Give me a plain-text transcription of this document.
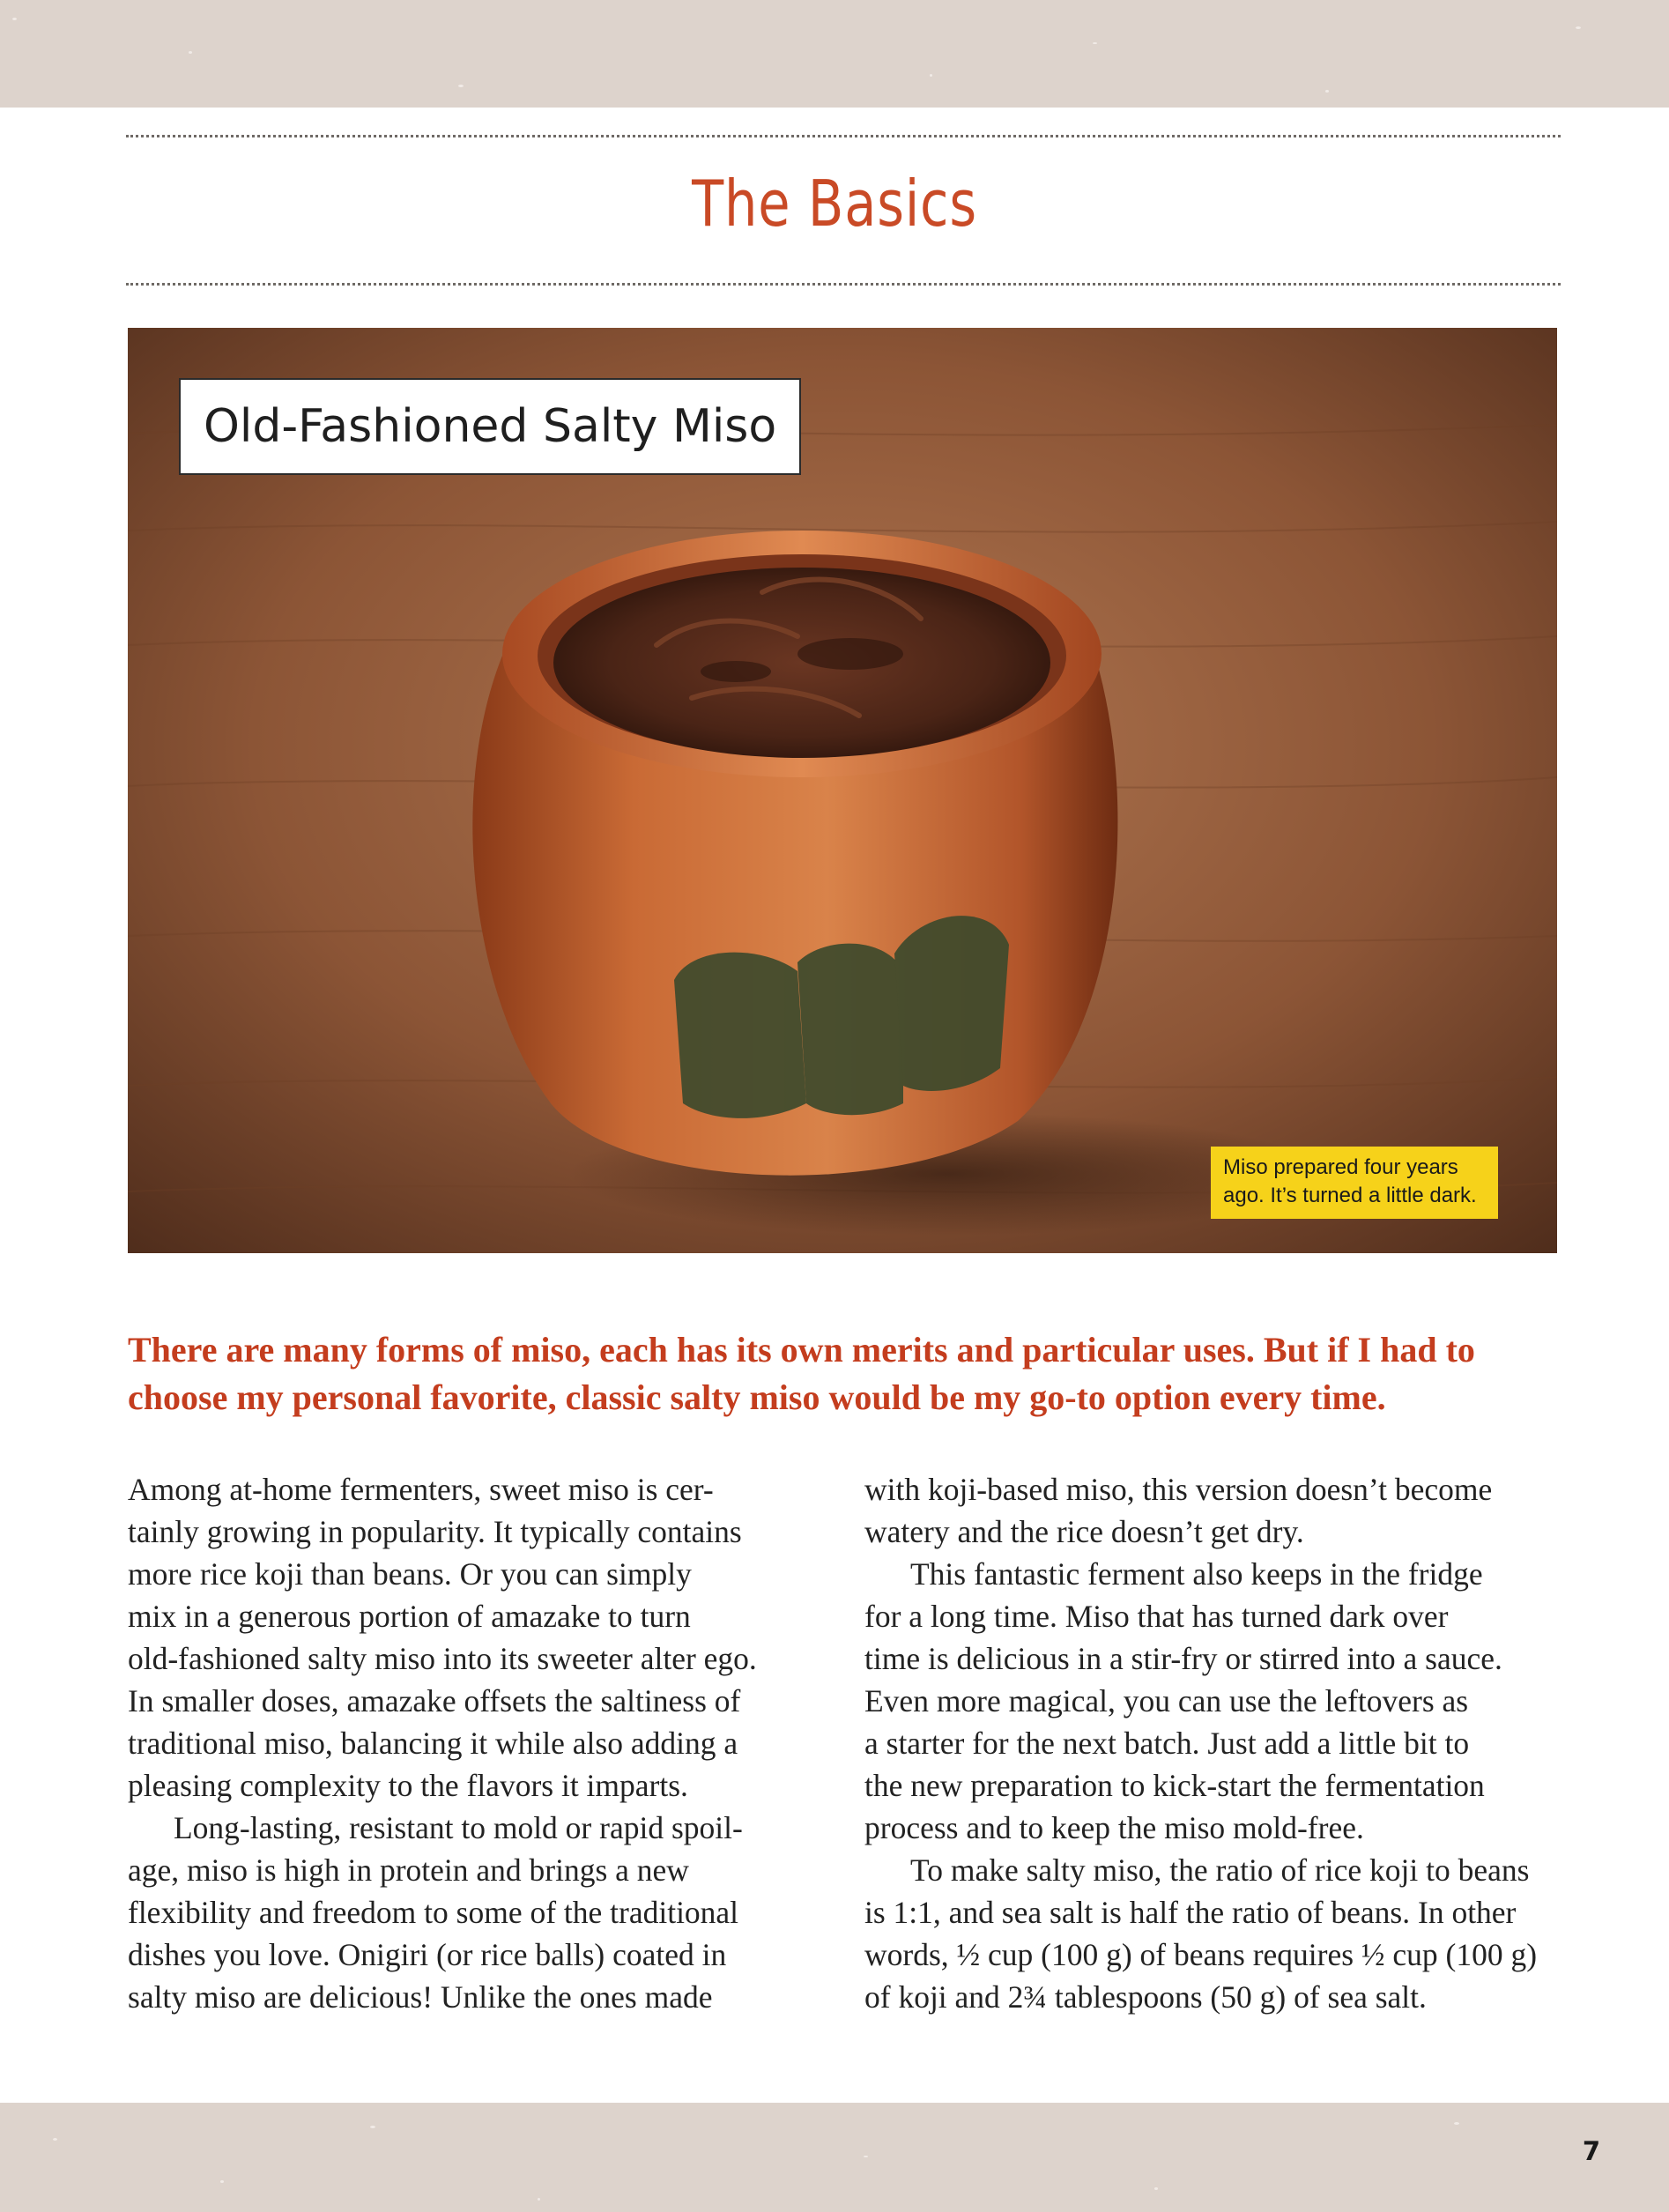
The Basics
Old-Fashioned Salty Miso
Miso prepared four years ago. It’s turned a little dark.

There are many forms of miso, each has its own merits and particular uses. But if I had to choose my personal favorite, classic salty miso would be my go-to option every time.

Among at-home fermenters, sweet miso is cer-
tainly growing in popularity. It typically contains
more rice koji than beans. Or you can simply
mix in a generous portion of amazake to turn
old-fashioned salty miso into its sweeter alter ego.
In smaller doses, amazake offsets the saltiness of
traditional miso, balancing it while also adding a
pleasing complexity to the flavors it imparts.
Long-lasting, resistant to mold or rapid spoil-
age, miso is high in protein and brings a new
flexibility and freedom to some of the traditional
dishes you love. Onigiri (or rice balls) coated in
salty miso are delicious! Unlike the ones made
with koji-based miso, this version doesn’t become
watery and the rice doesn’t get dry.
This fantastic ferment also keeps in the fridge
for a long time. Miso that has turned dark over
time is delicious in a stir-fry or stirred into a sauce.
Even more magical, you can use the leftovers as
a starter for the next batch. Just add a little bit to
the new preparation to kick-start the fermentation
process and to keep the miso mold-free.
To make salty miso, the ratio of rice koji to beans
is 1:1, and sea salt is half the ratio of beans. In other
words, ½ cup (100 g) of beans requires ½ cup (100 g)
of koji and 2¾ tablespoons (50 g) of sea salt.

7
